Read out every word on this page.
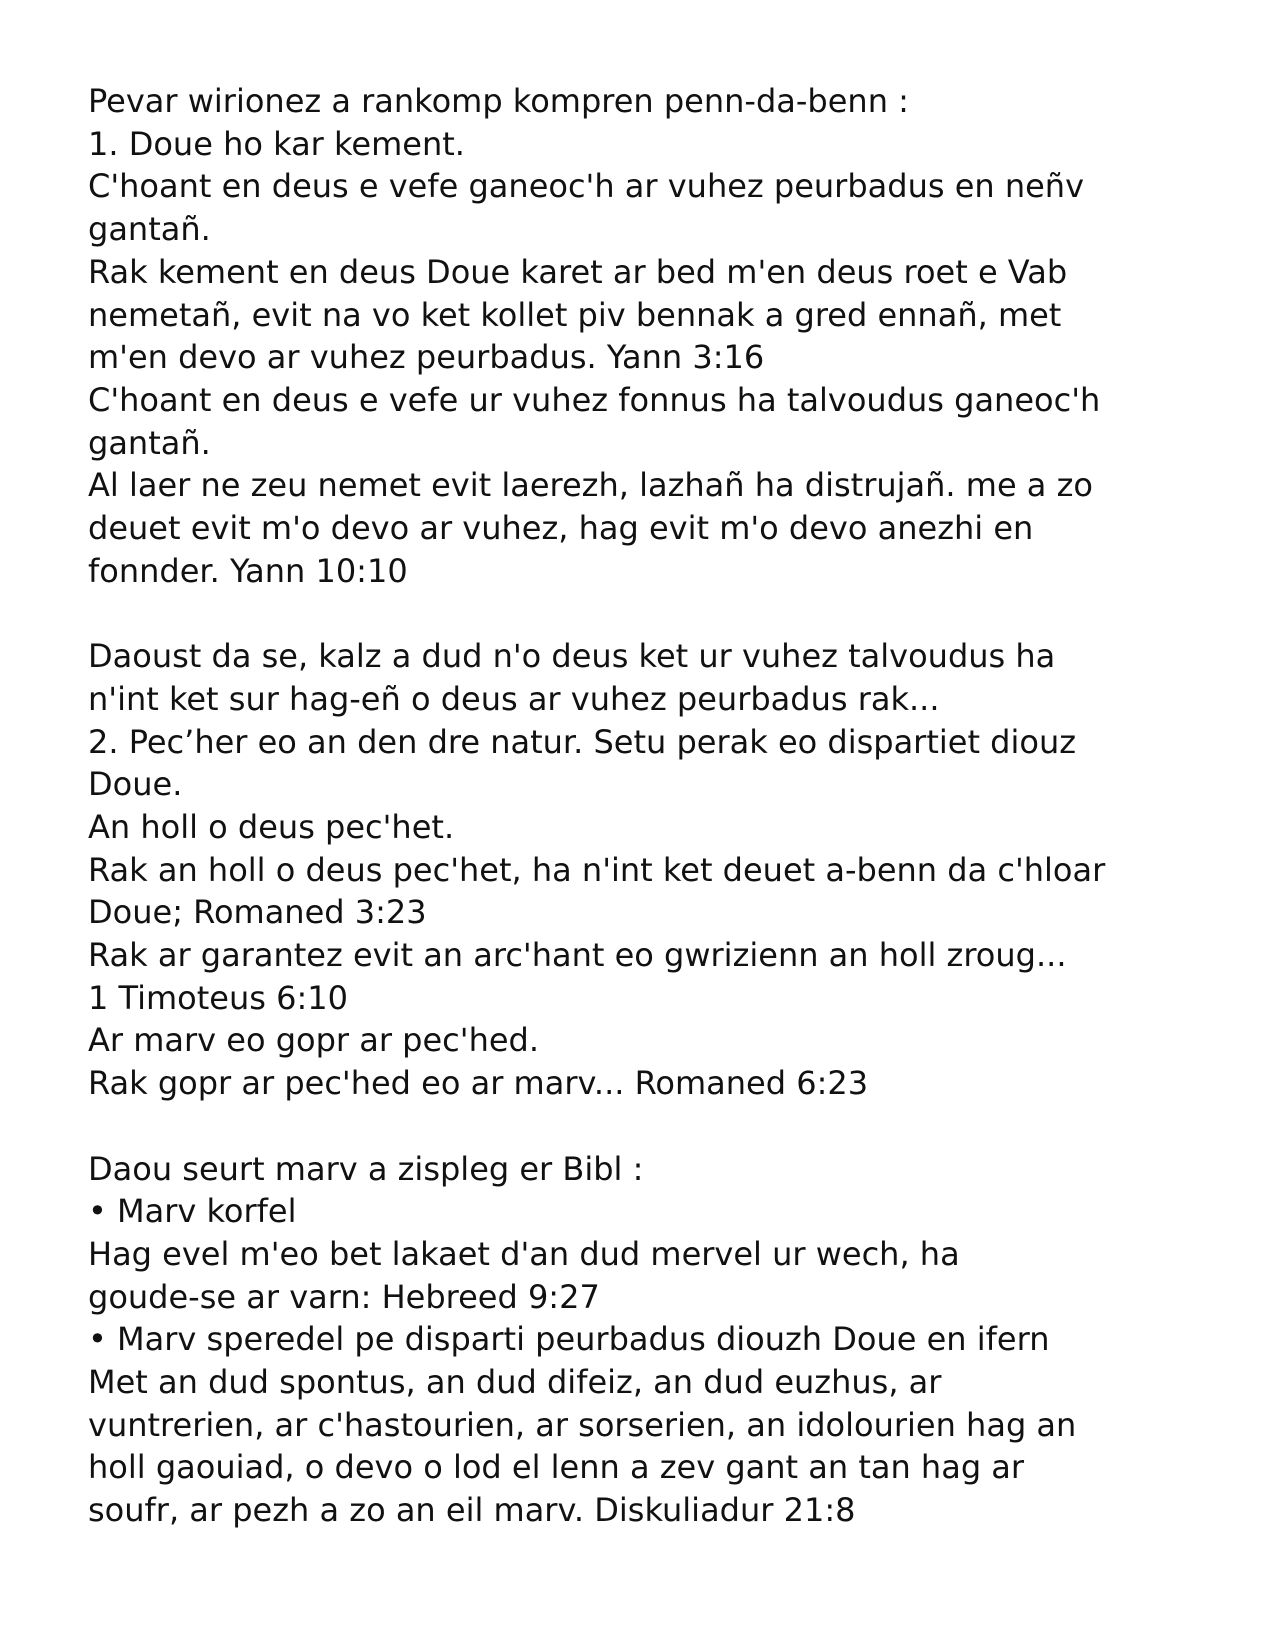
Pevar wirionez a rankomp kompren penn-da-benn :
1. Doue ho kar kement.
C'hoant en deus e vefe ganeoc'h ar vuhez peurbadus en neñv
gantañ.
Rak kement en deus Doue karet ar bed m'en deus roet e Vab
nemetañ, evit na vo ket kollet piv bennak a gred ennañ, met
m'en devo ar vuhez peurbadus. Yann 3:16
C'hoant en deus e vefe ur vuhez fonnus ha talvoudus ganeoc'h
gantañ.
Al laer ne zeu nemet evit laerezh, lazhañ ha distrujañ. me a zo
deuet evit m'o devo ar vuhez, hag evit m'o devo anezhi en
fonnder. Yann 10:10
Daoust da se, kalz a dud n'o deus ket ur vuhez talvoudus ha
n'int ket sur hag-eñ o deus ar vuhez peurbadus rak...
2. Pec’her eo an den dre natur. Setu perak eo dispartiet diouz
Doue.
An holl o deus pec'het.
Rak an holl o deus pec'het, ha n'int ket deuet a-benn da c'hloar
Doue; Romaned 3:23
Rak ar garantez evit an arc'hant eo gwrizienn an holl zroug...
1 Timoteus 6:10
Ar marv eo gopr ar pec'hed.
Rak gopr ar pec'hed eo ar marv... Romaned 6:23
Daou seurt marv a zispleg er Bibl :
• Marv korfel
Hag evel m'eo bet lakaet d'an dud mervel ur wech, ha
goude-se ar varn: Hebreed 9:27
• Marv speredel pe disparti peurbadus diouzh Doue en ifern
Met an dud spontus, an dud difeiz, an dud euzhus, ar
vuntrerien, ar c'hastourien, ar sorserien, an idolourien hag an
holl gaouiad, o devo o lod el lenn a zev gant an tan hag ar
soufr, ar pezh a zo an eil marv. Diskuliadur 21:8
